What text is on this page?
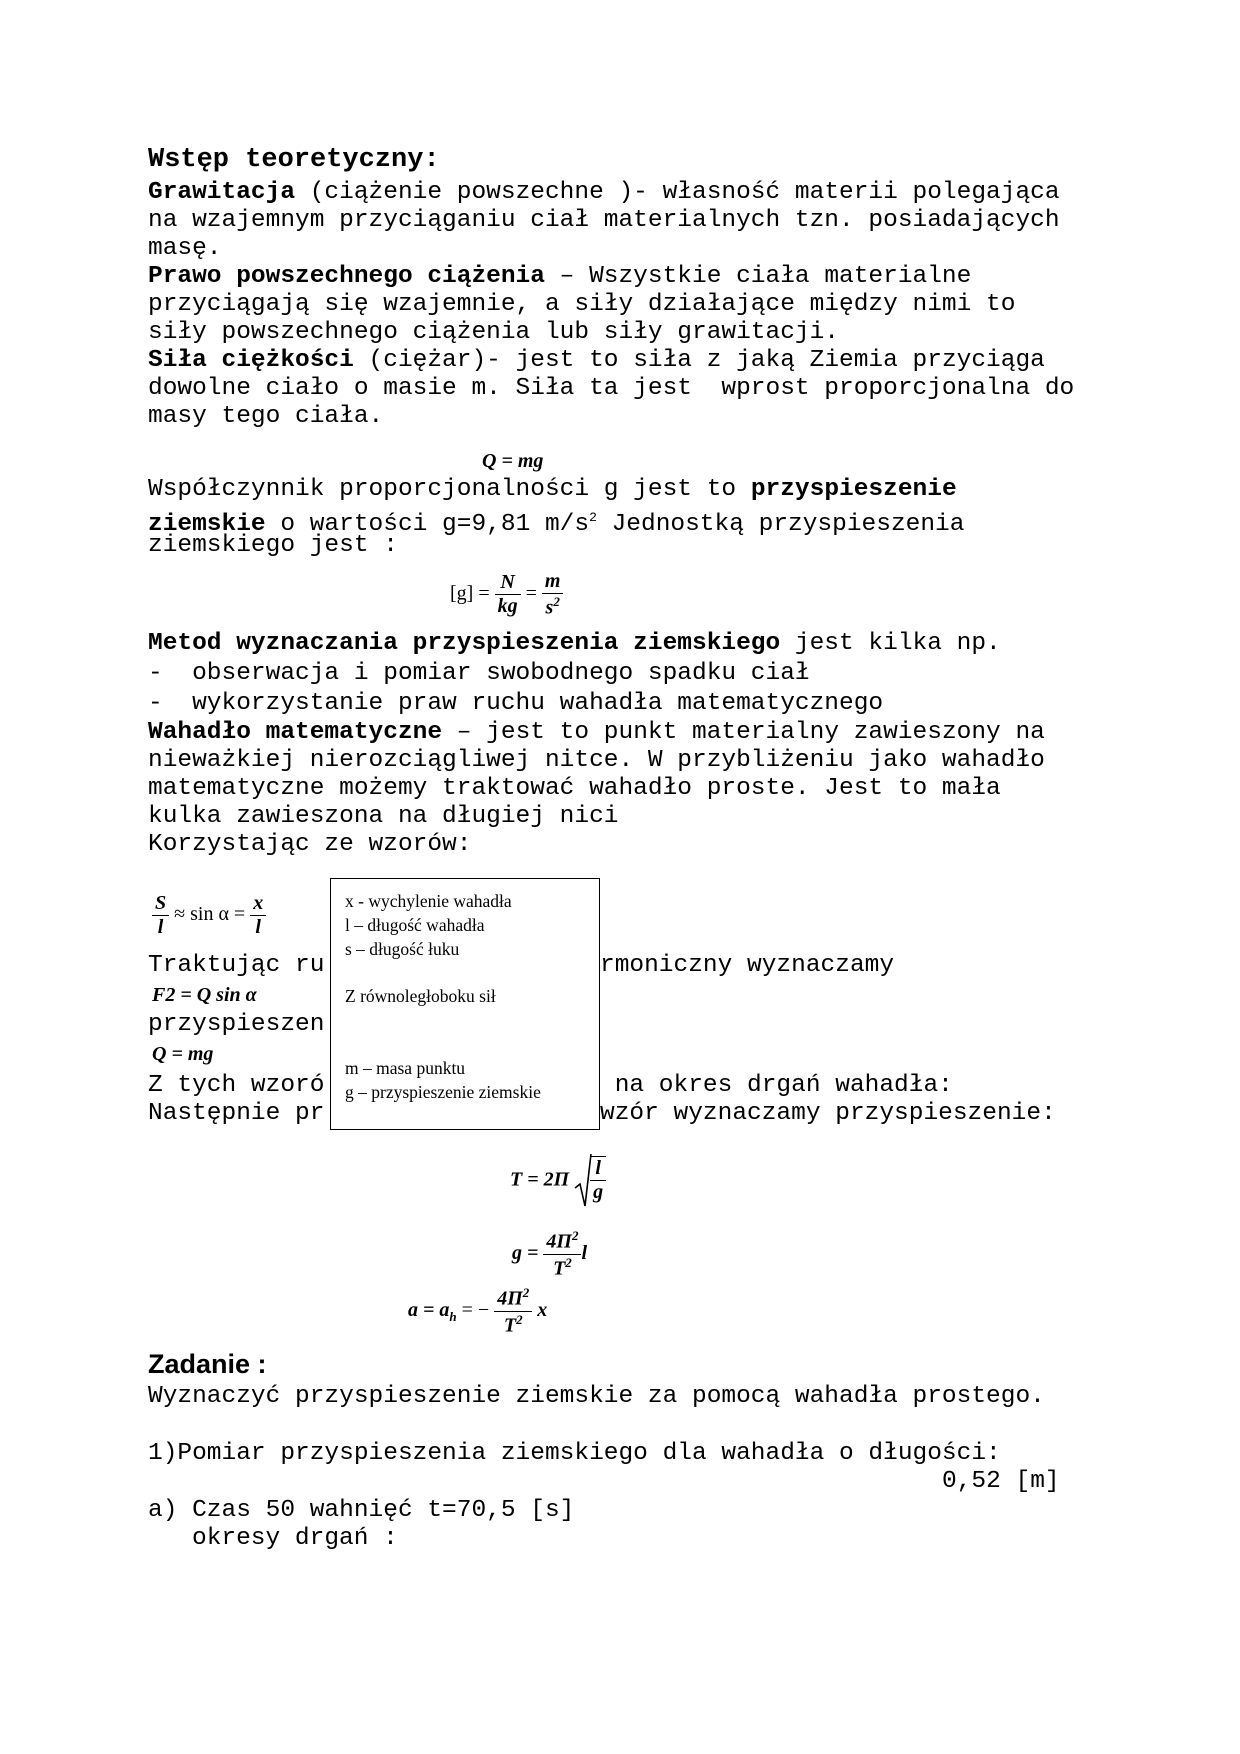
Wstęp teoretyczny:
Grawitacja (ciążenie powszechne )- własność materii polegająca
na wzajemnym przyciąganiu ciał materialnych tzn. posiadających
masę.
Prawo powszechnego ciążenia – Wszystkie ciała materialne
przyciągają się wzajemnie, a siły działające między nimi to
siły powszechnego ciążenia lub siły grawitacji.
Siła ciężkości (ciężar)- jest to siła z jaką Ziemia przyciąga
dowolne ciało o masie m. Siła ta jest  wprost proporcjonalna do
masy tego ciała.
Q = mg
Współczynnik proporcjonalności g jest to przyspieszenie
ziemskie o wartości g=9,81 $m/s^2$ Jednostką przyspieszenia
ziemskiego jest :
$[g] = \frac{N}{kg} = \frac{m}{s^2}$
Metod wyznaczania przyspieszenia ziemskiego jest kilka np.
-  obserwacja i pomiar swobodnego spadku ciał
-  wykorzystanie praw ruchu wahadła matematycznego
Wahadło matematyczne – jest to punkt materialny zawieszony na
nieważkiej nierozciągliwej nitce. W przybliżeniu jako wahadło
matematyczne możemy traktować wahadło proste. Jest to mała
kulka zawieszona na długiej nici
Korzystając ze wzorów:
$\frac{S}{l} \approx \sin \alpha = \frac{x}{l}$
Traktując ru	rmoniczny wyznaczamy
F2 = Q sin α
przyspieszen
Q = mg
Z tych wzoró	na okres drgań wahadła:
Następnie pr	wzór wyznaczamy przyspieszenie:
x - wychylenie wahadła
l – długość wahadła
s – długość łuku
Z równoległoboku sił
m – masa punktu
g – przyspieszenie ziemskie
$T = 2\Pi \frac{l}{g}$
$g = \frac{4\Pi^2}{T^2}$ l
$a = a_h$ = − $\frac{4\Pi^2}{T^2}$ x
Zadanie :
Wyznaczyć przyspieszenie ziemskie za pomocą wahadła prostego.
1)Pomiar przyspieszenia ziemskiego dla wahadła o długości:
0,52 [m]
a) Czas 50 wahnięć t=70,5 [s]
okresy drgań :
